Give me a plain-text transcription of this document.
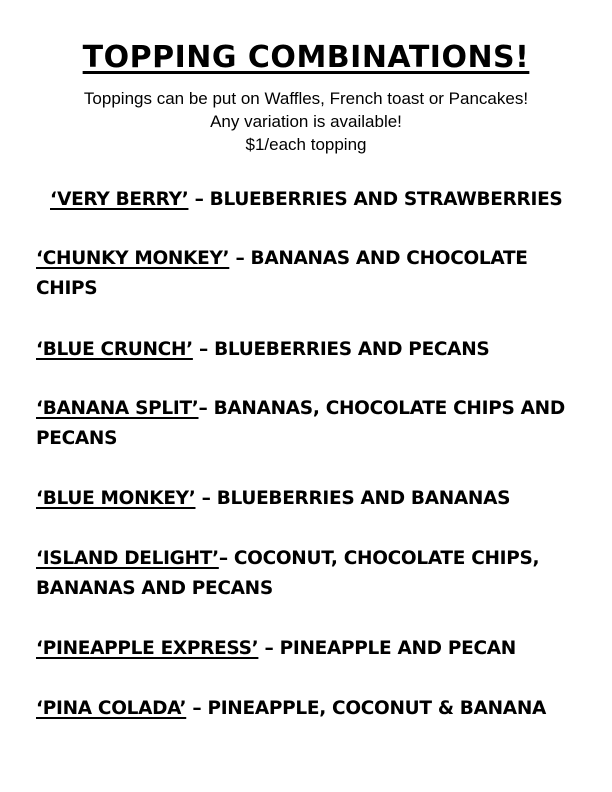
TOPPING COMBINATIONS!

Toppings can be put on Waffles, French toast or Pancakes!

Any variation is available!

$1/each topping

‘VERY BERRY’ – BLUEBERRIES AND STRAWBERRIES

‘CHUNKY MONKEY’ – BANANAS AND CHOCOLATE CHIPS

‘BLUE CRUNCH’ – BLUEBERRIES AND PECANS

‘BANANA SPLIT’– BANANAS, CHOCOLATE CHIPS AND PECANS

‘BLUE MONKEY’ – BLUEBERRIES AND BANANAS

‘ISLAND DELIGHT’– COCONUT, CHOCOLATE CHIPS, BANANAS AND PECANS

‘PINEAPPLE EXPRESS’ – PINEAPPLE AND PECAN

‘PINA COLADA’ – PINEAPPLE, COCONUT & BANANA
